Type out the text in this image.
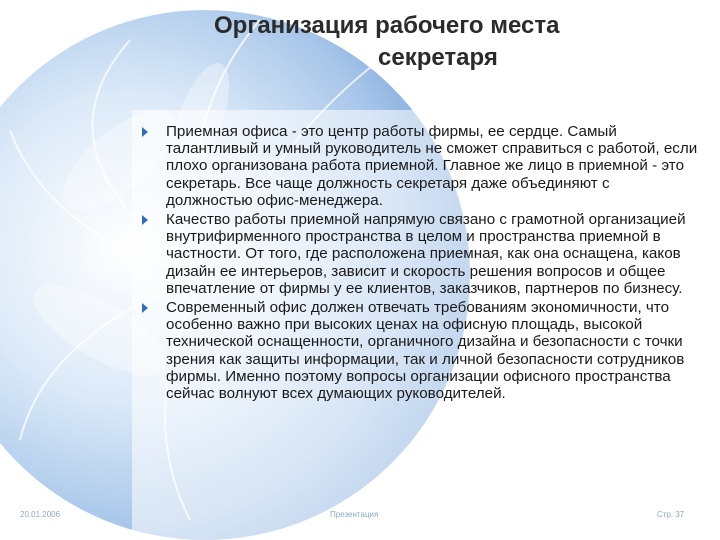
Организация рабочего места
секретаря
Приемная офиса - это центр работы фирмы, ее сердце. Самый талантливый и умный руководитель не сможет справиться с работой, если плохо организована работа приемной. Главное же лицо в приемной - это секретарь. Все чаще должность секретаря даже объединяют с должностью офис-менеджера.
Качество работы приемной напрямую связано с грамотной организацией внутрифирменного пространства в целом и пространства приемной в частности. От того, где расположена приемная, как она оснащена, каков дизайн ее интерьеров, зависит и скорость решения вопросов и общее впечатление от фирмы у ее клиентов, заказчиков, партнеров по бизнесу.
Современный офис должен отвечать требованиям экономичности, что особенно важно при высоких ценах на офисную площадь, высокой технической оснащенности, органичного дизайна и безопасности с точки зрения как защиты информации, так и личной безопасности сотрудников фирмы. Именно поэтому вопросы организации офисного пространства сейчас волнуют всех думающих руководителей.
20.01.2006	Презентация	Стр. 37
